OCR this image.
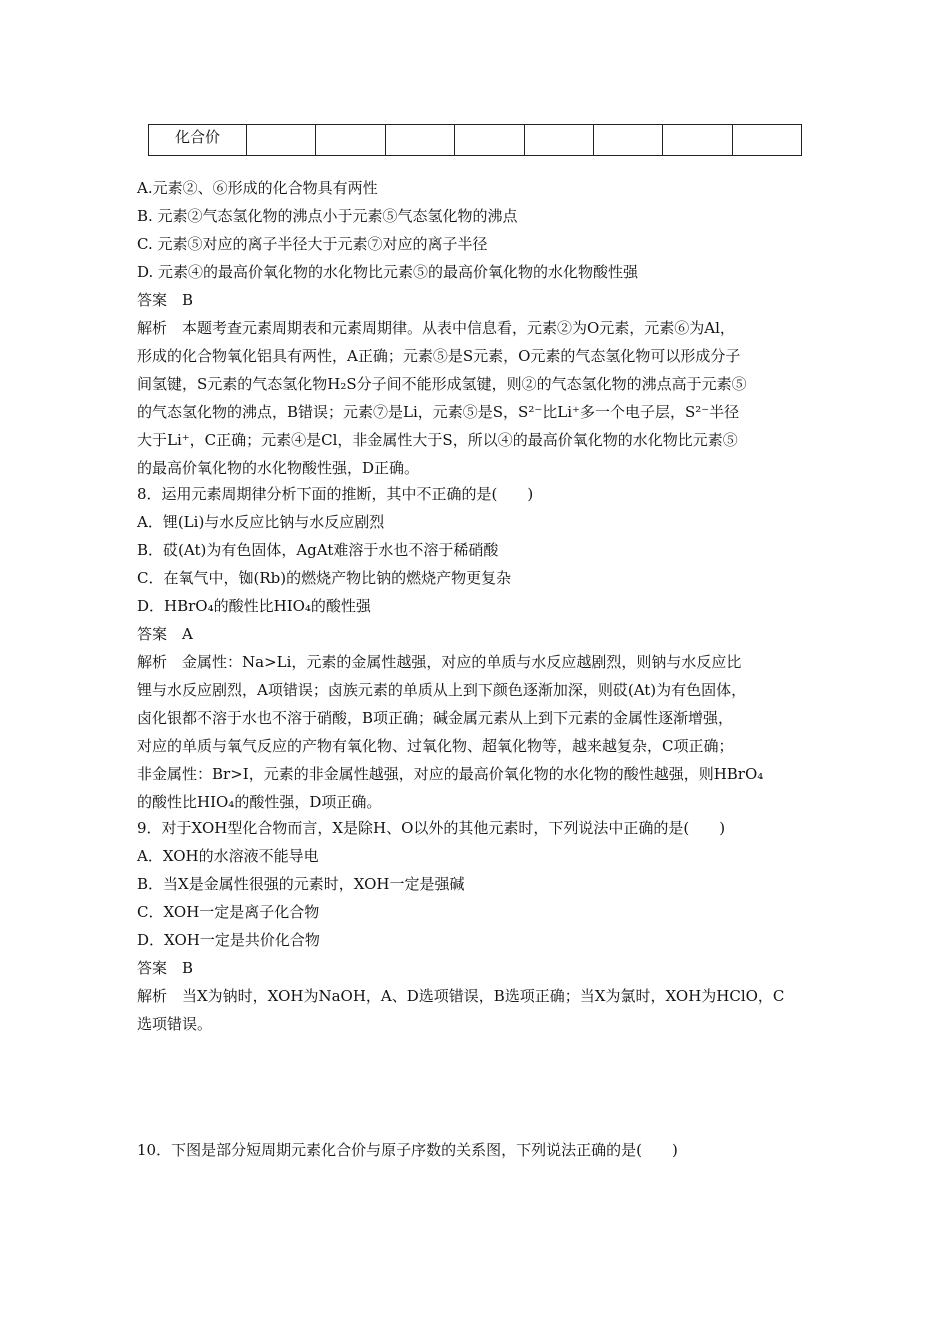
化合价								
A.元素②、⑥形成的化合物具有两性
B. 元素②气态氢化物的沸点小于元素⑤气态氢化物的沸点
C. 元素⑤对应的离子半径大于元素⑦对应的离子半径
D. 元素④的最高价氧化物的水化物比元素⑤的最高价氧化物的水化物酸性强
答案　B
解析　本题考查元素周期表和元素周期律。从表中信息看，元素②为O元素，元素⑥为Al，
形成的化合物氧化铝具有两性，A正确；元素⑤是S元素，O元素的气态氢化物可以形成分子
间氢键，S元素的气态氢化物H₂S分子间不能形成氢键，则②的气态氢化物的沸点高于元素⑤
的气态氢化物的沸点，B错误；元素⑦是Li，元素⑤是S，S²⁻比Li⁺多一个电子层，S²⁻半径
大于Li⁺，C正确；元素④是Cl，非金属性大于S，所以④的最高价氧化物的水化物比元素⑤
的最高价氧化物的水化物酸性强，D正确。
8．运用元素周期律分析下面的推断，其中不正确的是(　　)
A．锂(Li)与水反应比钠与水反应剧烈
B．砹(At)为有色固体，AgAt难溶于水也不溶于稀硝酸
C．在氧气中，铷(Rb)的燃烧产物比钠的燃烧产物更复杂
D．HBrO₄的酸性比HIO₄的酸性强
答案　A
解析　金属性：Na>Li，元素的金属性越强，对应的单质与水反应越剧烈，则钠与水反应比
锂与水反应剧烈，A项错误；卤族元素的单质从上到下颜色逐渐加深，则砹(At)为有色固体，
卤化银都不溶于水也不溶于硝酸，B项正确；碱金属元素从上到下元素的金属性逐渐增强，
对应的单质与氧气反应的产物有氧化物、过氧化物、超氧化物等，越来越复杂，C项正确；
非金属性：Br>I，元素的非金属性越强，对应的最高价氧化物的水化物的酸性越强，则HBrO₄
的酸性比HIO₄的酸性强，D项正确。
9．对于XOH型化合物而言，X是除H、O以外的其他元素时，下列说法中正确的是(　　)
A．XOH的水溶液不能导电
B．当X是金属性很强的元素时，XOH一定是强碱
C．XOH一定是离子化合物
D．XOH一定是共价化合物
答案　B
解析　当X为钠时，XOH为NaOH，A、D选项错误，B选项正确；当X为氯时，XOH为HClO，C
选项错误。
10．下图是部分短周期元素化合价与原子序数的关系图，下列说法正确的是(　　)
